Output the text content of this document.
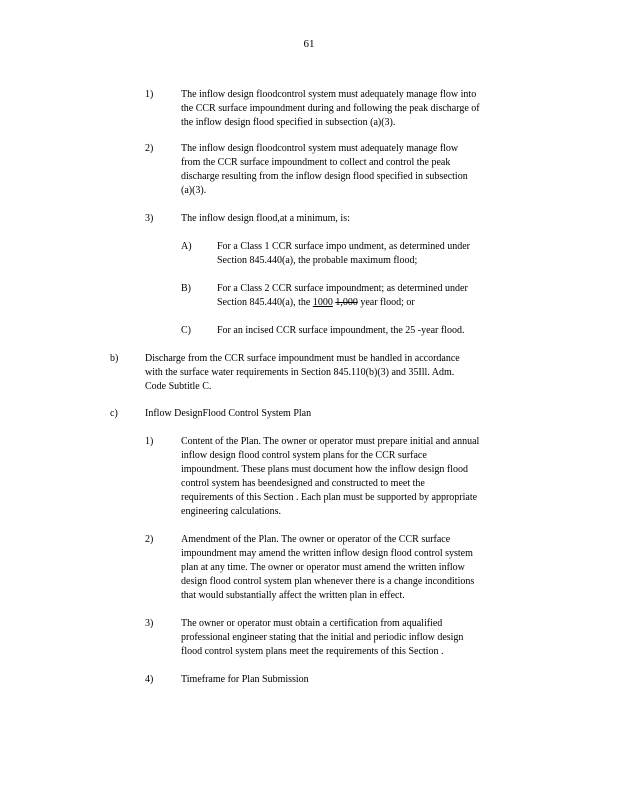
61
1)	The inflow design floodcontrol system must adequately manage flow into
the CCR surface impoundment during and following the peak discharge of
the inflow design flood specified in subsection (a)(3).
2)	The inflow design floodcontrol system must adequately manage flow
from the CCR surface impoundment to collect and control the peak
discharge resulting from the inflow design flood specified in subsection
(a)(3).
3)	The inflow design flood,at a minimum, is:
A)	For a Class 1 CCR surface impo undment, as determined under
Section 845.440(a), the probable maximum flood;
B)	For a Class 2 CCR surface impoundment; as determined under
Section 845.440(a), the 1000 1,000 year flood; or
C)	For an incised CCR surface impoundment, the 25 -year flood.
b)	Discharge from the CCR surface impoundment must be handled in accordance
with the surface water requirements in Section 845.110(b)(3) and 35Ill. Adm.
Code Subtitle C.
c)	Inflow DesignFlood Control System Plan
1)	Content of the Plan. The owner or operator must prepare initial and annual
inflow design flood control system plans for the CCR surface
impoundment. These plans must document how the inflow design flood
control system has beendesigned and constructed to meet the
requirements of this Section . Each plan must be supported by appropriate
engineering calculations.
2)	Amendment of the Plan. The owner or operator of the CCR surface
impoundment may amend the written inflow design flood control system
plan at any time. The owner or operator must amend the written inflow
design flood control system plan whenever there is a change inconditions
that would substantially affect the written plan in effect.
3)	The owner or operator must obtain a certification from aqualified
professional engineer stating that the initial and periodic inflow design
flood control system plans meet the requirements of this Section .
4)	Timeframe for Plan Submission
